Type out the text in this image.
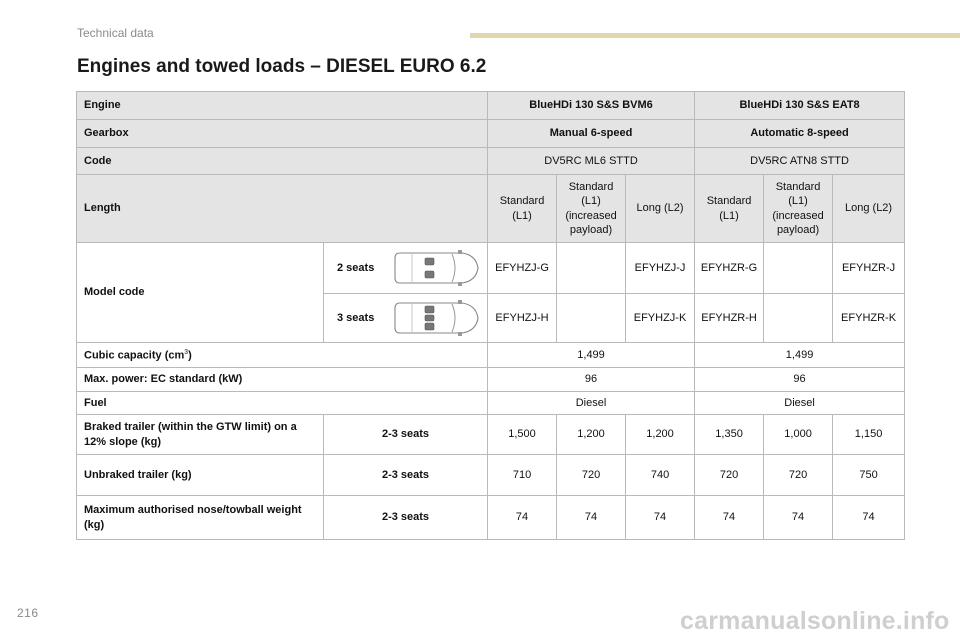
Technical data
Engines and towed loads – DIESEL EURO 6.2
Engine		BlueHDi 130 S&S BVM6			BlueHDi 130 S&S EAT8		
Gearbox		Manual 6-speed			Automatic 8-speed		
Code		DV5RC ML6 STTD			DV5RC ATN8 STTD		
Length		Standard (L1)	Standard (L1) (increased payload)	Long (L2)	Standard (L1)	Standard (L1) (increased payload)	Long (L2)
Model code	2 seats	EFYHZJ-G		EFYHZJ-J	EFYHZR-G		EFYHZR-J

	3 seats	EFYHZJ-H		EFYHZJ-K	EFYHZR-H		EFYHZR-K
Cubic capacity $(cm^3)$		1,499			1,499		
Max. power: EC standard (kW)		96			96		
Fuel		Diesel			Diesel		
Braked trailer (within the GTW limit) on a 12% slope (kg)	2-3 seats	1,500	1,200	1,200	1,350	1,000	1,150
Unbraked trailer (kg)	2-3 seats	710	720	740	720	720	750
Maximum authorised nose/towball weight (kg)	2-3 seats	74	74	74	74	74	74
216	carmanualsonline.info
